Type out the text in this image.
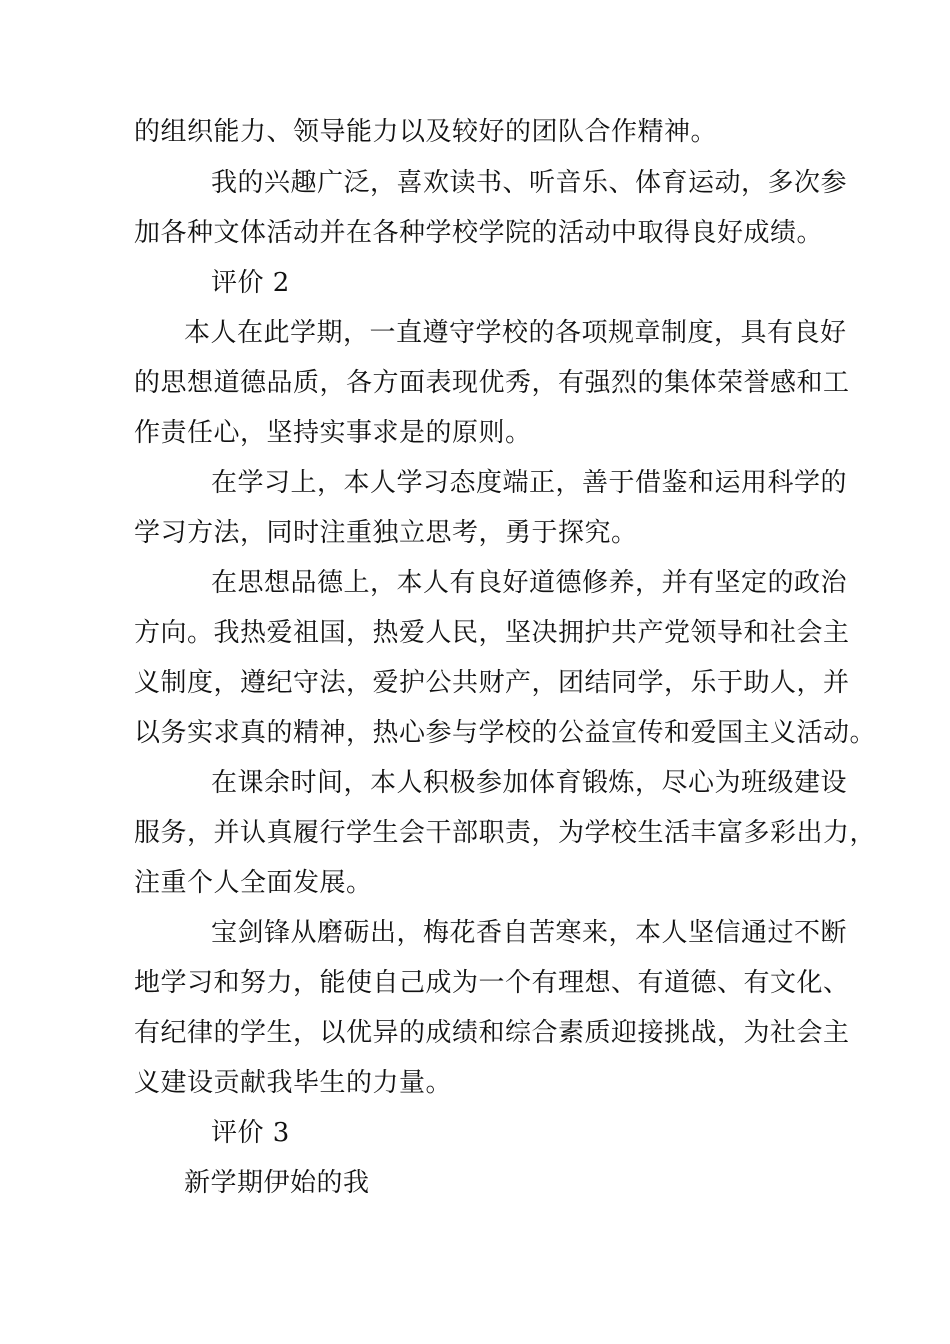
的组织能力、领导能力以及较好的团队合作精神。
我的兴趣广泛，喜欢读书、听音乐、体育运动，多次参
加各种文体活动并在各种学校学院的活动中取得良好成绩。
评价 2
本人在此学期，一直遵守学校的各项规章制度，具有良好
的思想道德品质，各方面表现优秀，有强烈的集体荣誉感和工
作责任心，坚持实事求是的原则。
在学习上，本人学习态度端正，善于借鉴和运用科学的
学习方法，同时注重独立思考，勇于探究。
在思想品德上，本人有良好道德修养，并有坚定的政治
方向。我热爱祖国，热爱人民，坚决拥护共产党领导和社会主
义制度，遵纪守法，爱护公共财产，团结同学，乐于助人，并
以务实求真的精神，热心参与学校的公益宣传和爱国主义活动。
在课余时间，本人积极参加体育锻炼，尽心为班级建设
服务，并认真履行学生会干部职责，为学校生活丰富多彩出力，
注重个人全面发展。
宝剑锋从磨砺出，梅花香自苦寒来，本人坚信通过不断
地学习和努力，能使自己成为一个有理想、有道德、有文化、
有纪律的学生，以优异的成绩和综合素质迎接挑战，为社会主
义建设贡献我毕生的力量。
评价 3
新学期伊始的我
